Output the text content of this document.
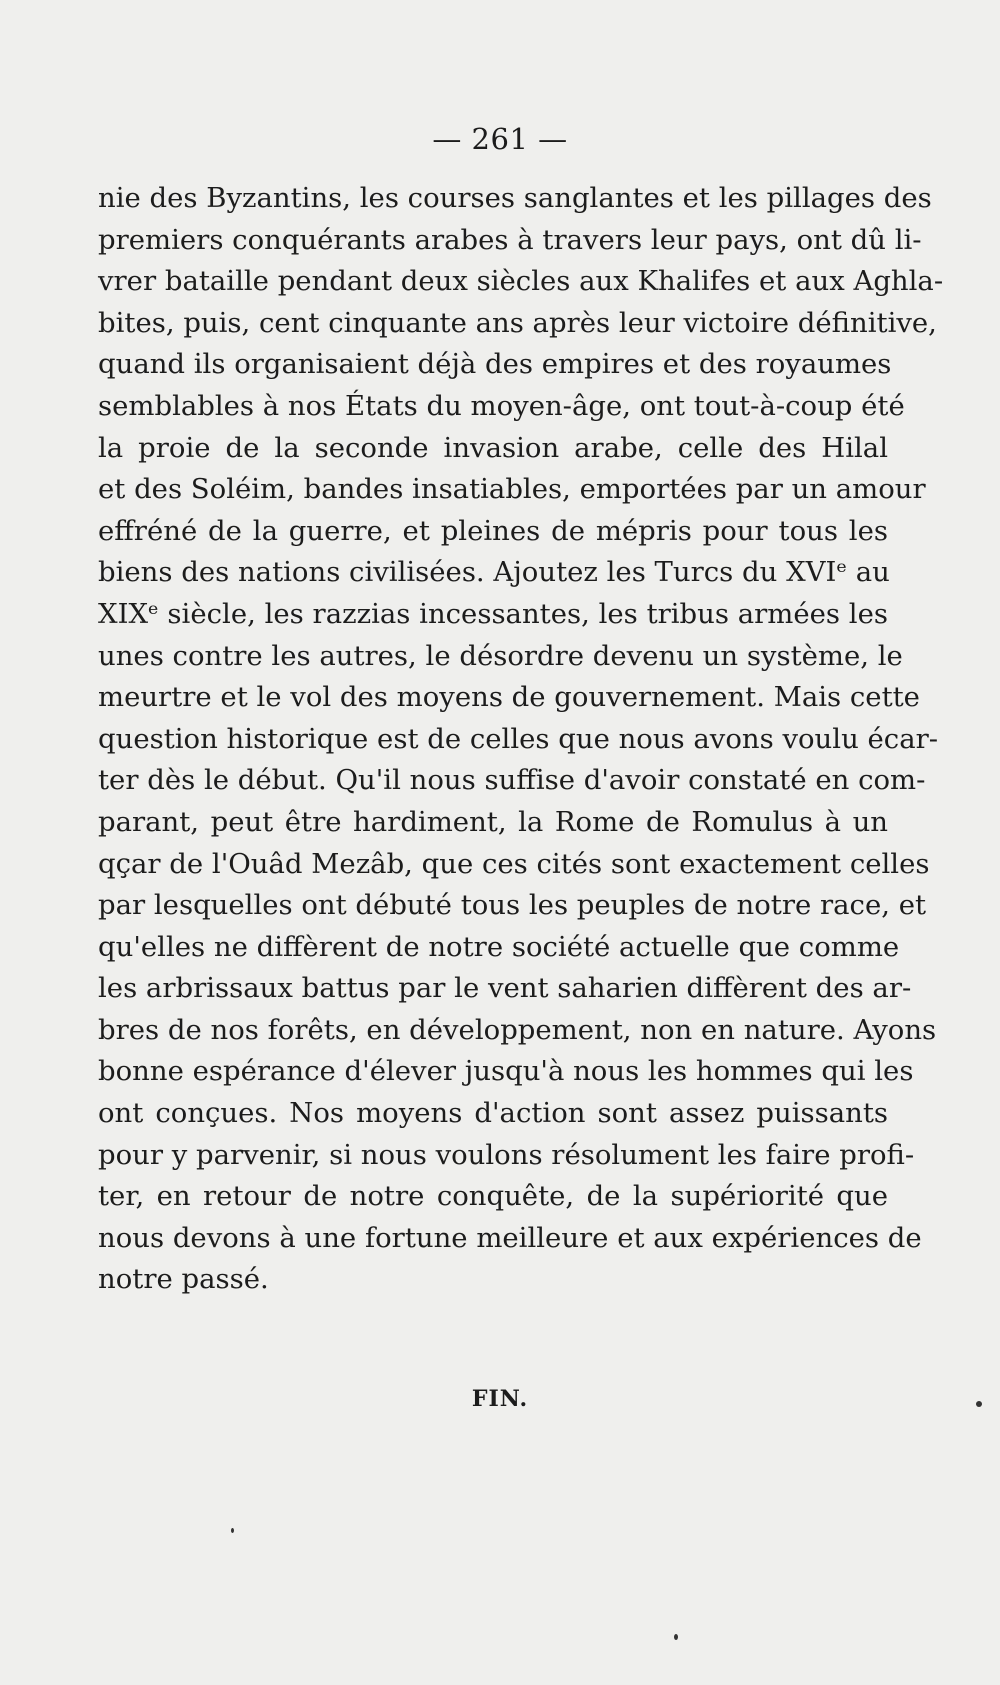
— 261 —
nie des Byzantins, les courses sanglantes et les pillages des
premiers conquérants arabes à travers leur pays, ont dû li-
vrer bataille pendant deux siècles aux Khalifes et aux Aghla-
bites, puis, cent cinquante ans après leur victoire définitive,
quand ils organisaient déjà des empires et des royaumes
semblables à nos États du moyen-âge, ont tout-à-coup été
la proie de la seconde invasion arabe, celle des Hilal
et des Soléim, bandes insatiables, emportées par un amour
effréné de la guerre, et pleines de mépris pour tous les
biens des nations civilisées. Ajoutez les Turcs du XVIᵉ au
XIXᵉ siècle, les razzias incessantes, les tribus armées les
unes contre les autres, le désordre devenu un système, le
meurtre et le vol des moyens de gouvernement. Mais cette
question historique est de celles que nous avons voulu écar-
ter dès le début. Qu'il nous suffise d'avoir constaté en com-
parant, peut être hardiment, la Rome de Romulus à un
qçar de l'Ouâd Mezâb, que ces cités sont exactement celles
par lesquelles ont débuté tous les peuples de notre race, et
qu'elles ne diffèrent de notre société actuelle que comme
les arbrissaux battus par le vent saharien diffèrent des ar-
bres de nos forêts, en développement, non en nature. Ayons
bonne espérance d'élever jusqu'à nous les hommes qui les
ont conçues. Nos moyens d'action sont assez puissants
pour y parvenir, si nous voulons résolument les faire profi-
ter, en retour de notre conquête, de la supériorité que
nous devons à une fortune meilleure et aux expériences de
notre passé.
FIN.
